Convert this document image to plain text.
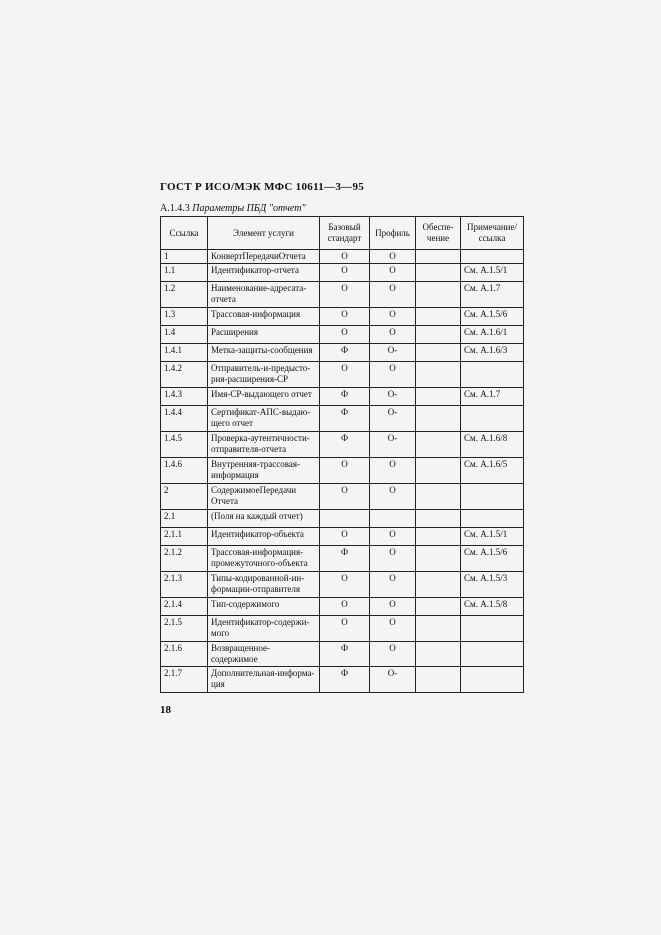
ГОСТ Р ИСО/МЭК МФС 10611—3—95
A.1.4.3 Параметры ПБД "отчет"
Ссылка	Элемент услуги	Базовый стандарт	Профиль	Обеспе-чение	Примечание/ ссылка
1	КонвертПередачиОтчета	О	О		
1.1	Идентификатор-отчета	О	О		См. А.1.5/1
1.2	Наименование-адресата-отчета	О	О		См. А.1.7
1.3	Трассовая-информация	О	О		См. А.1.5/6
1.4	Расширения	О	О		См. А.1.6/1
1.4.1	Метка-защиты-сообщения	Ф	О-		См. А.1.6/3
1.4.2	Отправитель-и-предысто-рия-расширения-СР	О	О		
1.4.3	Имя-СР-выдающего отчет	Ф	О-		См. А.1.7
1.4.4	Сертификат-АПС-выдаю-щего отчет	Ф	О-		
1.4.5	Проверка-аутентичности-отправителя-отчета	Ф	О-		См. А.1.6/8
1.4.6	Внутренняя-трассовая-информация	О	О		См. А.1.6/5
2	СодержимоеПередачи Отчета	О	О		
2.1	(Поля на каждый отчет)				
2.1.1	Идентификатор-объекта	О	О		См. А.1.5/1
2.1.2	Трассовая-информация-промежуточного-объекта	Ф	О		См. А.1.5/6
2.1.3	Типы-кодированной-ин-формации-отправителя	О	О		См. А.1.5/3
2.1.4	Тип-содержимого	О	О		См. А.1.5/8
2.1.5	Идентификатор-содержи-мого	О	О		
2.1.6	Возвращенное-содержимое	Ф	О		
2.1.7	Дополнительная-информа-ция	Ф	О-		
18
